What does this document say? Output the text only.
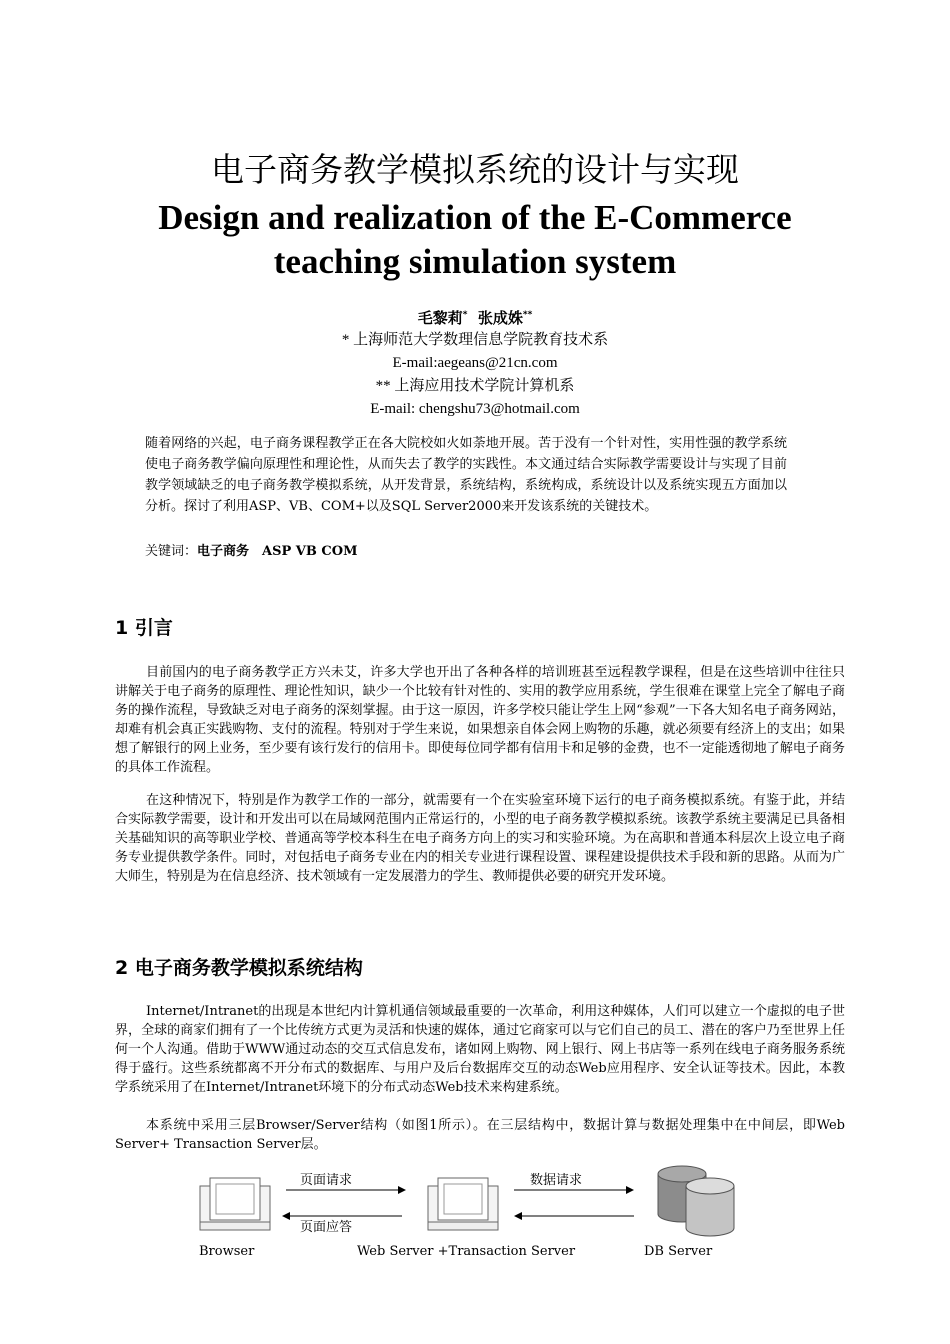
电子商务教学模拟系统的设计与实现
Design and realization of the E-Commerce teaching simulation system
毛黎莉* 张成姝**
* 上海师范大学数理信息学院教育技术系
E-mail:aegeans@21cn.com
** 上海应用技术学院计算机系
E-mail: chengshu73@hotmail.com
随着网络的兴起，电子商务课程教学正在各大院校如火如荼地开展。苦于没有一个针对性，实用性强的教学系统使电子商务教学偏向原理性和理论性，从而失去了教学的实践性。本文通过结合实际教学需要设计与实现了目前教学领域缺乏的电子商务教学模拟系统，从开发背景，系统结构，系统构成，系统设计以及系统实现五方面加以分析。探讨了利用ASP、VB、COM+以及SQL Server2000来开发该系统的关键技术。
关键词：电子商务　ASP VB COM
1 引言

目前国内的电子商务教学正方兴未艾，许多大学也开出了各种各样的培训班甚至远程教学课程，但是在这些培训中往往只讲解关于电子商务的原理性、理论性知识，缺少一个比较有针对性的、实用的教学应用系统，学生很难在课堂上完全了解电子商务的操作流程，导致缺乏对电子商务的深刻掌握。由于这一原因，许多学校只能让学生上网“参观”一下各大知名电子商务网站，却难有机会真正实践购物、支付的流程。特别对于学生来说，如果想亲自体会网上购物的乐趣，就必须要有经济上的支出；如果想了解银行的网上业务，至少要有该行发行的信用卡。即使每位同学都有信用卡和足够的金费，也不一定能透彻地了解电子商务的具体工作流程。

在这种情况下，特别是作为教学工作的一部分，就需要有一个在实验室环境下运行的电子商务模拟系统。有鉴于此，并结合实际教学需要，设计和开发出可以在局域网范围内正常运行的，小型的电子商务教学模拟系统。该教学系统主要满足已具备相关基础知识的高等职业学校、普通高等学校本科生在电子商务方向上的实习和实验环境。为在高职和普通本科层次上设立电子商务专业提供教学条件。同时，对包括电子商务专业在内的相关专业进行课程设置、课程建设提供技术手段和新的思路。从而为广大师生，特别是为在信息经济、技术领域有一定发展潜力的学生、教师提供必要的研究开发环境。

2 电子商务教学模拟系统结构

Internet/Intranet的出现是本世纪内计算机通信领域最重要的一次革命，利用这种媒体，人们可以建立一个虚拟的电子世界，全球的商家们拥有了一个比传统方式更为灵活和快速的媒体，通过它商家可以与它们自己的员工、潜在的客户乃至世界上任何一个人沟通。借助于WWW通过动态的交互式信息发布，诸如网上购物、网上银行、网上书店等一系列在线电子商务服务系统得于盛行。这些系统都离不开分布式的数据库、与用户及后台数据库交互的动态Web应用程序、安全认证等技术。因此，本教学系统采用了在Internet/Intranet环境下的分布式动态Web技术来构建系统。

本系统中采用三层Browser/Server结构（如图1所示）。在三层结构中，数据计算与数据处理集中在中间层，即Web Server+ Transaction Server层。

页面请求
页面应答
数据请求
Browser	Web Server +Transaction Server	DB Server
